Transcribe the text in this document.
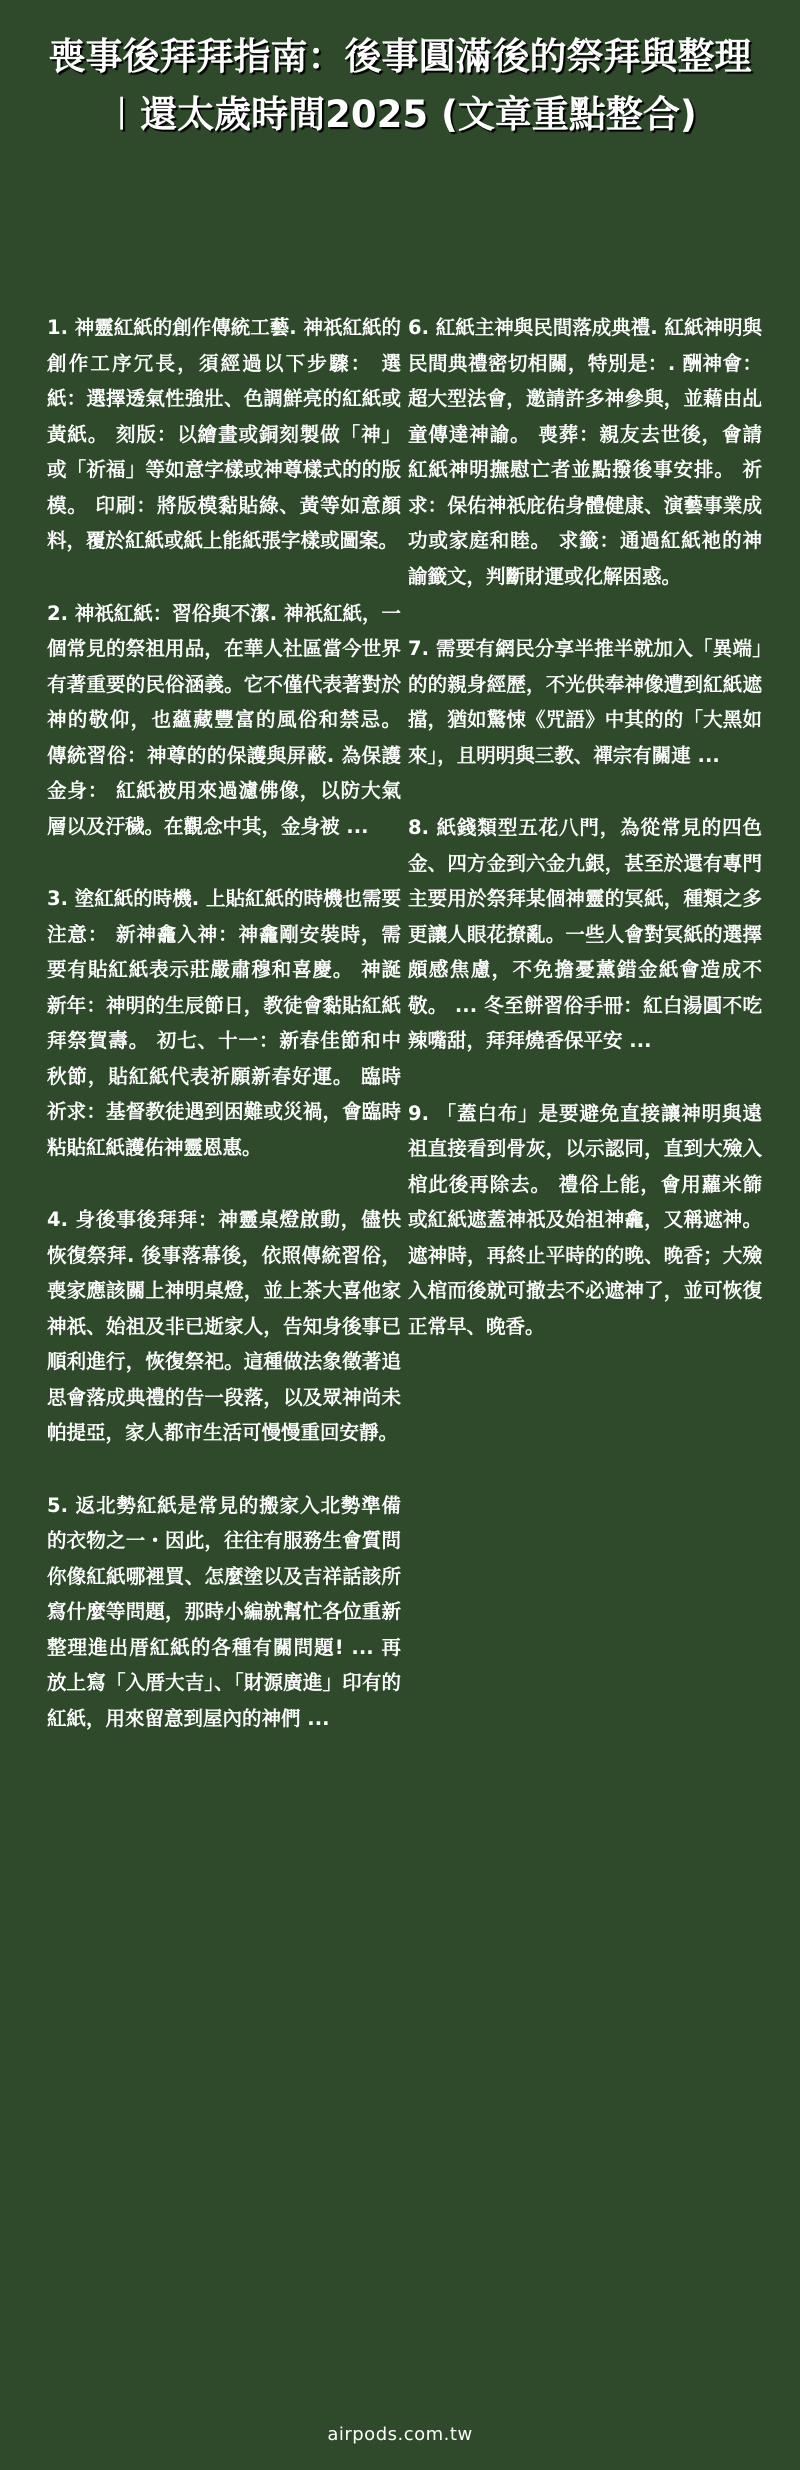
喪事後拜拜指南：後事圓滿後的祭拜與整理 ︱還太歲時間2025 (文章重點整合)

1. 神靈紅紙的創作傳統工藝. 神祇紅紙的創作工序冗長，須經過以下步驟： 選紙：選擇透氣性強壯、色調鮮亮的紅紙或黃紙。 刻版：以繪畫或銅刻製做「神」或「祈福」等如意字樣或神尊樣式的的版模。 印刷：將版模黏貼綠、黃等如意顏料，覆於紅紙或紙上能紙張字樣或圖案。

2. 神祇紅紙：習俗與不潔. 神祇紅紙，一個常見的祭祖用品，在華人社區當今世界有著重要的民俗涵義。它不僅代表著對於神的敬仰，也蘊藏豐富的風俗和禁忌。 傳統習俗：神尊的的保護與屏蔽. 為保護金身： 紅紙被用來過濾佛像，以防大氣層以及汙穢。在觀念中其，金身被 ...

3. 塗紅紙的時機. 上貼紅紙的時機也需要注意： 新神龕入神：神龕剛安裝時，需要有貼紅紙表示莊嚴肅穆和喜慶。 神誕新年：神明的生辰節日，教徒會黏貼紅紙拜祭賀壽。 初七、十一：新春佳節和中秋節，貼紅紙代表祈願新春好運。 臨時祈求：基督教徒遇到困難或災禍，會臨時粘貼紅紙護佑神靈恩惠。

4. 身後事後拜拜：神靈桌燈啟動，儘快恢復祭拜. 後事落幕後，依照傳統習俗，喪家應該關上神明桌燈，並上茶大喜他家神祇、始祖及非已逝家人，告知身後事已順利進行，恢復祭祀。這種做法象徵著追思會落成典禮的告一段落，以及眾神尚未帕提亞，家人都市生活可慢慢重回安靜。

5. 返北勢紅紙是常見的搬家入北勢準備的衣物之一・因此，往往有服務生會質問你像紅紙哪裡買、怎麼塗以及吉祥話該所寫什麼等問題，那時小編就幫忙各位重新整理進出厝紅紙的各種有關問題! ... 再放上寫「入厝大吉」、「財源廣進」印有的紅紙，用來留意到屋內的神們 ...

6. 紅紙主神與民間落成典禮. 紅紙神明與民間典禮密切相關，特別是：. 酬神會：超大型法會，邀請許多神參與，並藉由乩童傳達神諭。 喪葬：親友去世後，會請紅紙神明撫慰亡者並點撥後事安排。 祈求：保佑神祇庇佑身體健康、演藝事業成功或家庭和睦。 求籤：通過紅紙祂的神諭籤文，判斷財運或化解困惑。

7. 需要有網民分享半推半就加入「異端」的的親身經歷，不光供奉神像遭到紅紙遮擋，猶如驚悚《咒語》中其的的「大黑如來」，且明明與三教、禪宗有關連 ...

8. 紙錢類型五花八門，為從常見的四色金、四方金到六金九銀，甚至於還有專門主要用於祭拜某個神靈的冥紙，種類之多更讓人眼花撩亂。一些人會對冥紙的選擇頗感焦慮，不免擔憂薰錯金紙會造成不敬。 ... 冬至餅習俗手冊：紅白湯圓不吃辣嘴甜，拜拜燒香保平安 ...

9. 「蓋白布」是要避免直接讓神明與遠祖直接看到骨灰，以示認同，直到大殮入棺此後再除去。 禮俗上能，會用蘿米篩或紅紙遮蓋神祇及始祖神龕，又稱遮神。 遮神時，再終止平時的的晚、晚香；大殮入棺而後就可撤去不必遮神了，並可恢復正常早、晚香。

airpods.com.tw
